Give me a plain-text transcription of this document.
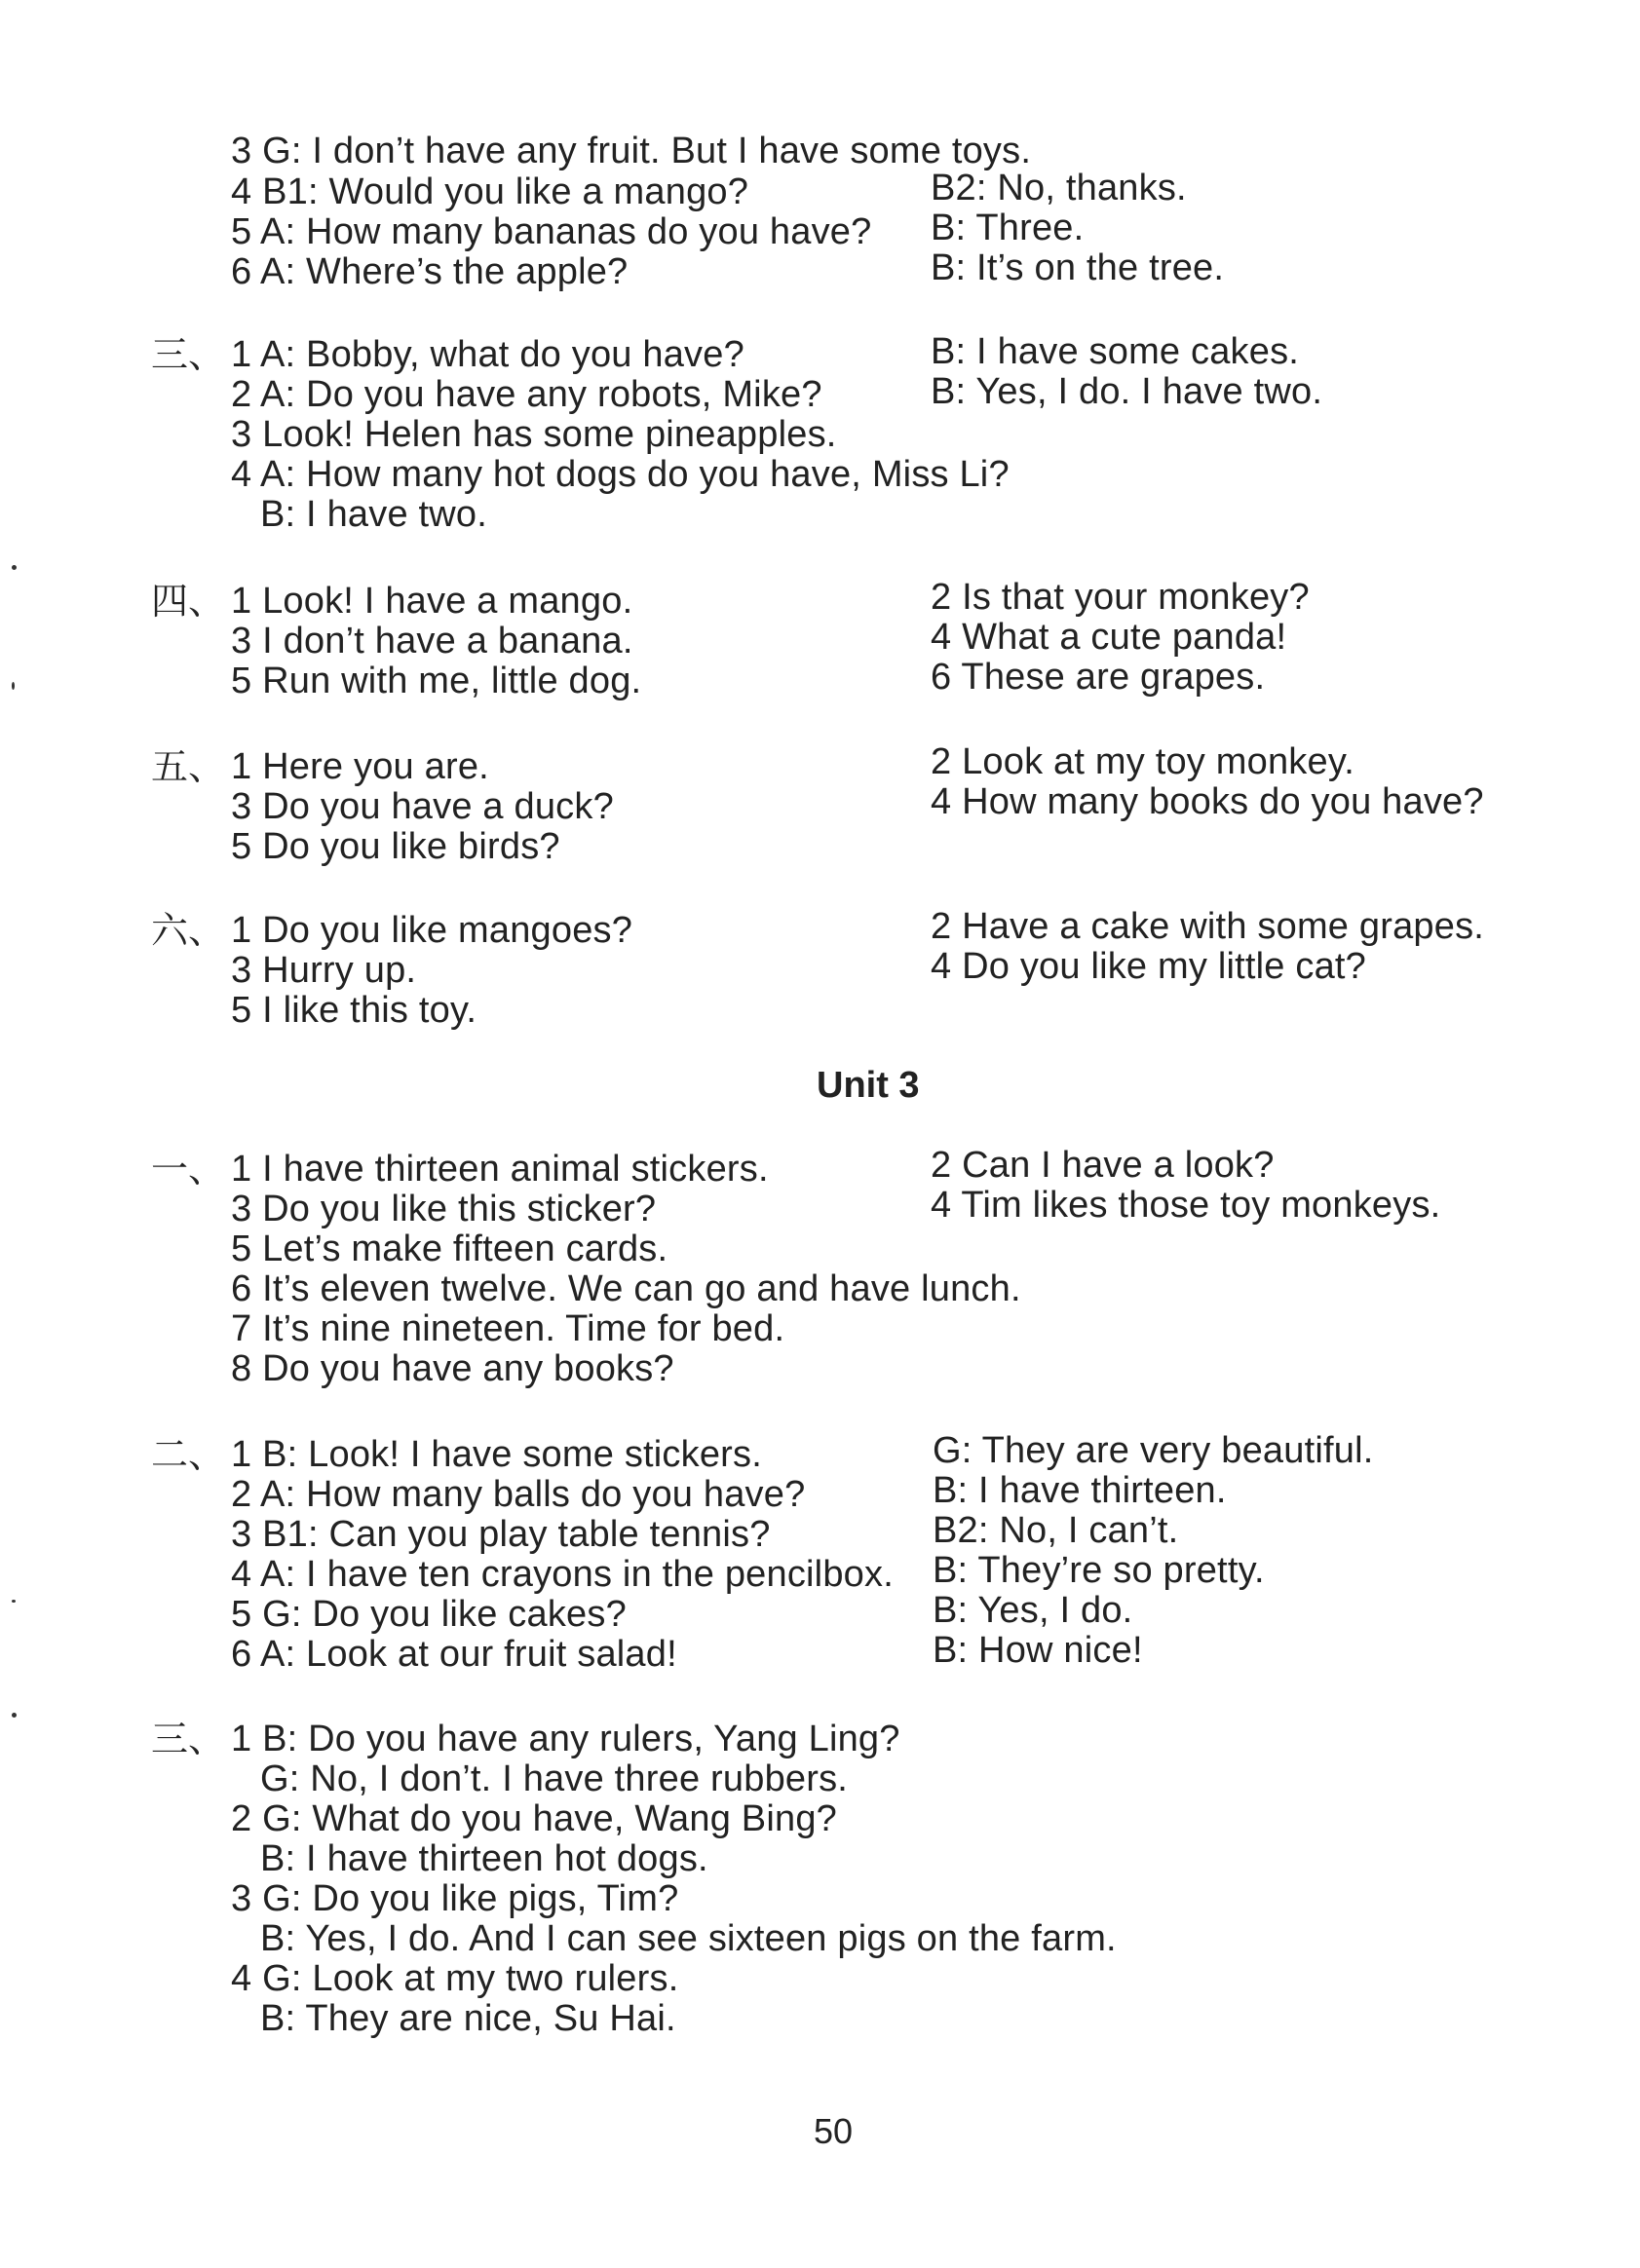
3 G: I don’t have any fruit. But I have some toys.
4 B1: Would you like a mango?	B2: No, thanks.
5 A: How many bananas do you have? B: Three.
6 A: Where’s the apple?	B: It’s on the tree.
三、 1 A: Bobby, what do you have?	B: I have some cakes.
2 A: Do you have any robots, Mike?	B: Yes, I do. I have two.
3 Look! Helen has some pineapples.
4 A: How many hot dogs do you have, Miss Li?
B: I have two.
四、 1 Look! I have a mango.	2 Is that your monkey?
3 I don’t have a banana.	4 What a cute panda!
5 Run with me, little dog.	6 These are grapes.
五、 1 Here you are.	2 Look at my toy monkey.
3 Do you have a duck?	4 How many books do you have?
5 Do you like birds?
六、 1 Do you like mangoes?	2 Have a cake with some grapes.
3 Hurry up.	4 Do you like my little cat?
5 I like this toy.
Unit 3
一、 1 I have thirteen animal stickers.	2 Can I have a look?
3 Do you like this sticker?	4 Tim likes those toy monkeys.
5 Let’s make fifteen cards.
6 It’s eleven twelve. We can go and have lunch.
7 It’s nine nineteen. Time for bed.
8 Do you have any books?
二、 1 B: Look! I have some stickers.	G: They are very beautiful.
2 A: How many balls do you have?	B: I have thirteen.
3 B1: Can you play table tennis?	B2: No, I can’t.
4 A: I have ten crayons in the pencilbox. B: They’re so pretty.
5 G: Do you like cakes?	B: Yes, I do.
6 A: Look at our fruit salad!	B: How nice!
三、 1 B: Do you have any rulers, Yang Ling?
G: No, I don’t. I have three rubbers.
2 G: What do you have, Wang Bing?
B: I have thirteen hot dogs.
3 G: Do you like pigs, Tim?
B: Yes, I do. And I can see sixteen pigs on the farm.
4 G: Look at my two rulers.
B: They are nice, Su Hai.
50
